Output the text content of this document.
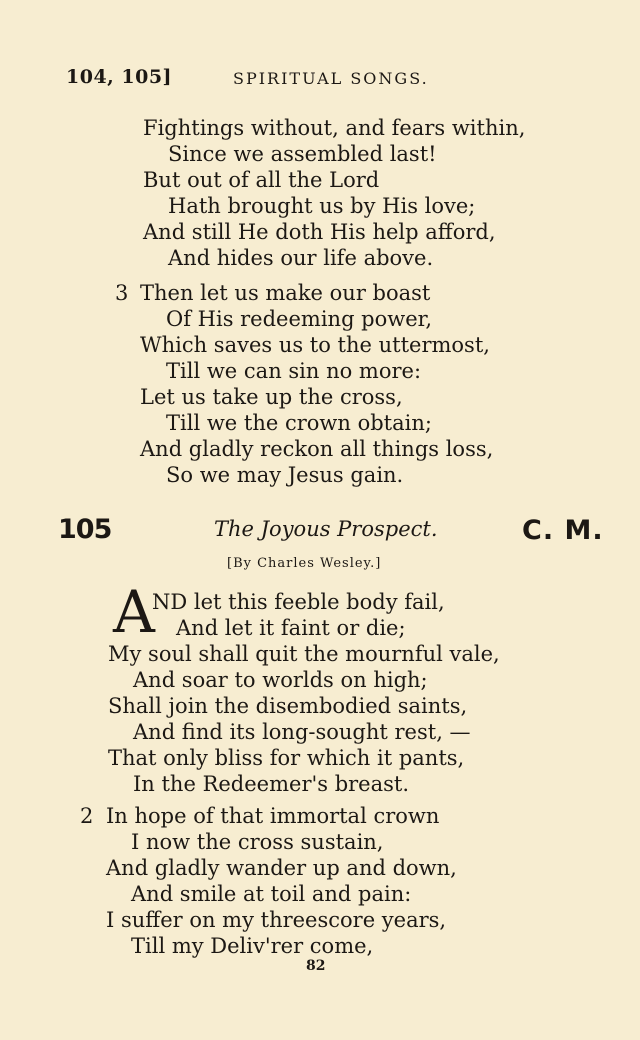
104, 105]	SPIRITUAL SONGS.
Fightings without, and fears within,
Since we assembled last!
But out of all the Lord
Hath brought us by His love;
And still He doth His help afford,
And hides our life above.
3 Then let us make our boast
Of His redeeming power,
Which saves us to the uttermost,
Till we can sin no more:
Let us take up the cross,
Till we the crown obtain;
And gladly reckon all things loss,
So we may Jesus gain.
105	The Joyous Prospect.	C. M.
[By Charles Wesley.]
A
ND let this feeble body fail,
And let it faint or die;
My soul shall quit the mournful vale,
And soar to worlds on high;
Shall join the disembodied saints,
And find its long-sought rest, —
That only bliss for which it pants,
In the Redeemer's breast.
2 In hope of that immortal crown
I now the cross sustain,
And gladly wander up and down,
And smile at toil and pain:
I suffer on my threescore years,
Till my Deliv'rer come,
82
